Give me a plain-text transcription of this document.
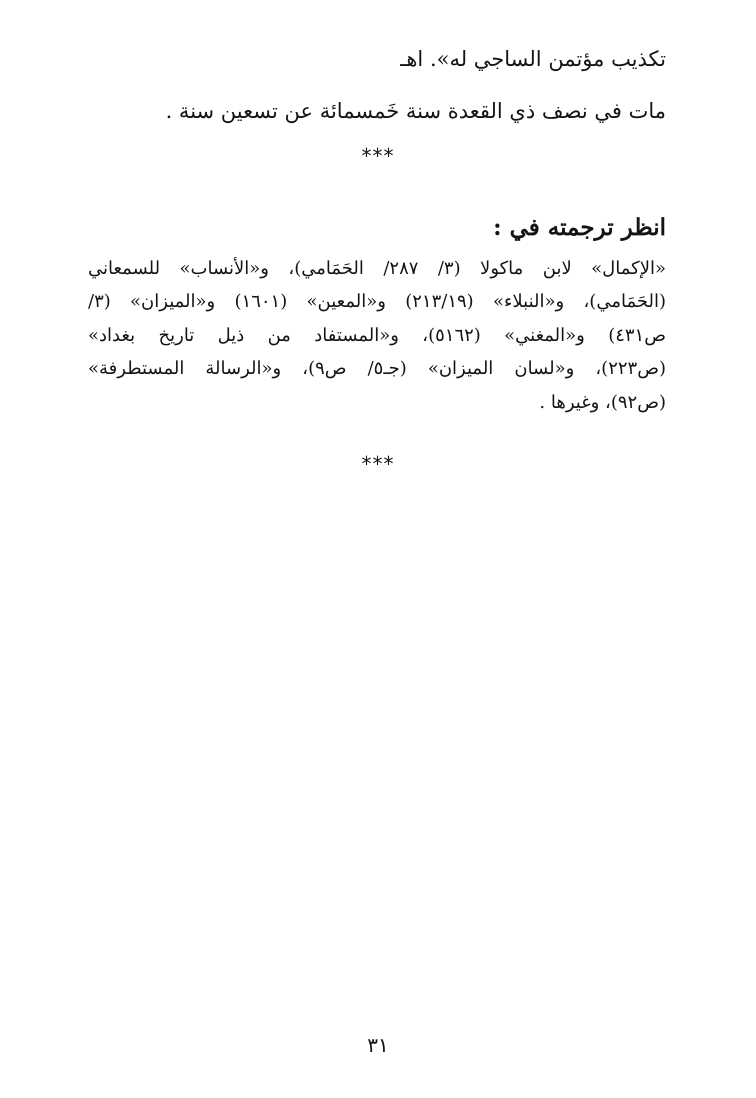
تكذيب مؤتمن الساجي له». اهـ
مات في نصف ذي القعدة سنة خَمسمائة عن تسعين سنة .
***
انظر ترجمته في :
«الإكمال» لابن ماكولا (٣/ ٢٨٧/ الحَمَامي)، و«الأنساب» للسمعاني
(الحَمَامي)، و«النبلاء» (٢١٣/١٩) و«المعين» (١٦٠١) و«الميزان» (٣/
ص٤٣١) و«المغني» (٥١٦٢)، و«المستفاد من ذيل تاريخ بغداد»
(ص٢٢٣)، و«لسان الميزان» (جـ٥/ ص٩)، و«الرسالة المستطرفة»
(ص٩٢)، وغيرها .
***
٣١
